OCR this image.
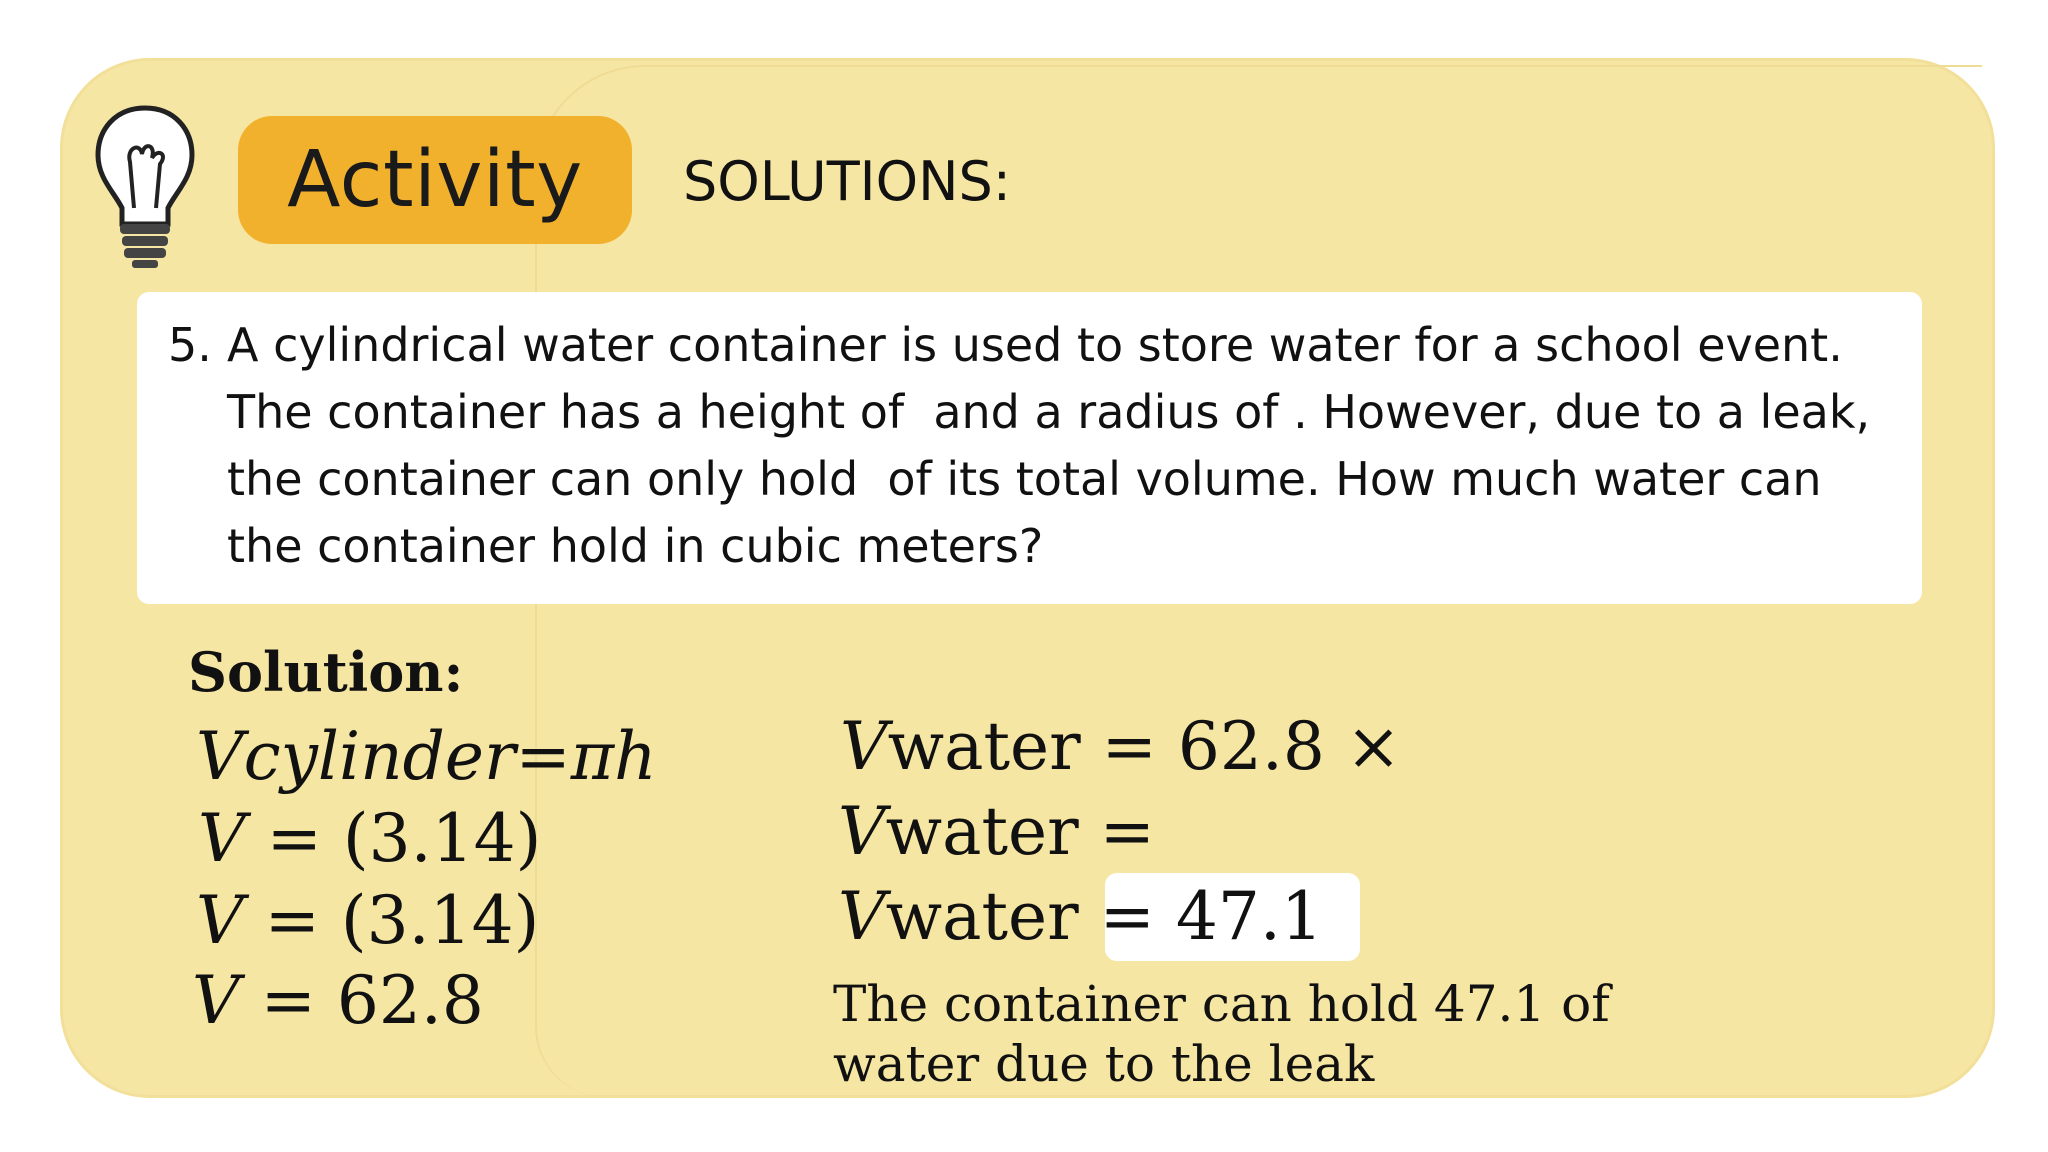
Activity SOLUTIONS:
5. A cylindrical water container is used to store water for a school event.
The container has a height of  and a radius of . However, due to a leak,
the container can only hold  of its total volume. How much water can
the container hold in cubic meters?
Solution:
Vcylinder=πh
V = (3.14)
V = (3.14)
V = 62.8
Vwater = 62.8 ×
Vwater =
Vwater = 47.1
The container can hold 47.1 of
water due to the leak
